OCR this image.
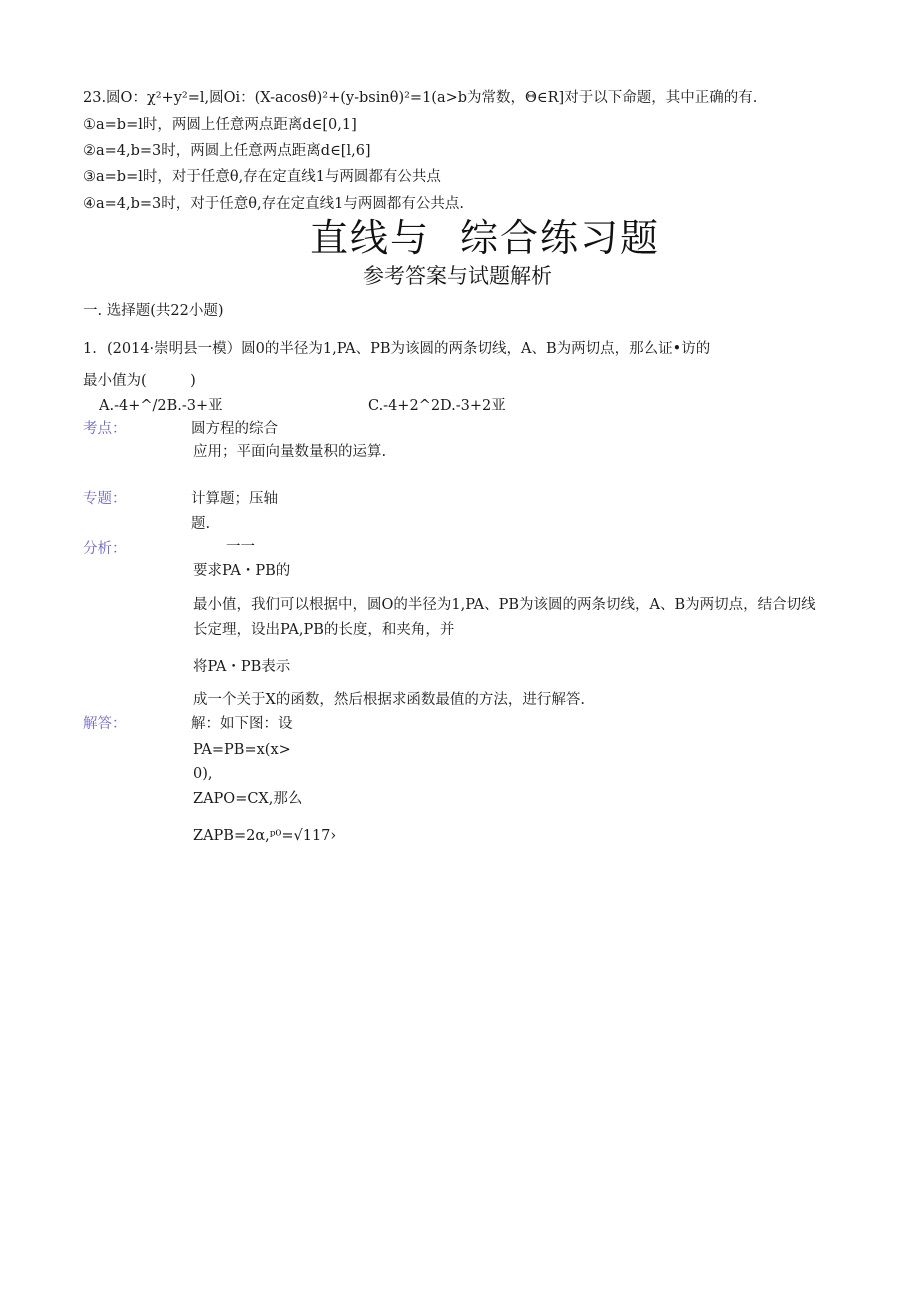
23.圆O：χ²+y²=l,圆Oi：(X-acosθ)²+(y-bsinθ)²=1(a>b为常数，Θ∈R]对于以下命题，其中正确的有.
①a=b=l时，两圆上任意两点距离d∈[0,1]
②a=4,b=3时，两圆上任意两点距离d∈[l,6]
③a=b=l时，对于任意θ,存在定直线1与两圆都有公共点
④a=4,b=3时，对于任意θ,存在定直线1与两圆都有公共点.
直线与 综合练习题
参考答案与试题解析
一. 选择题(共22小题)
1. (2014·崇明县一模）圆0的半径为1,PA、PB为该圆的两条切线，A、B为两切点，那么证•访的
最小值为(　　　)
A.-4+^/2B.-3+亚	C.-4+2^2D.-3+2亚
考点：	圆方程的综合
应用；平面向量数量积的运算.
专题：	计算题；压轴
题.
分析：	一一
要求PA・PB的
最小值，我们可以根据中，圆O的半径为1,PA、PB为该圆的两条切线，A、B为两切点，结合切线
长定理，设出PA,PB的长度，和夹角，并
将PA・PB表示
成一个关于X的函数，然后根据求函数最值的方法，进行解答.
解答：	解：如下图：设
PA=PB=x(x>
0),
ZAPO=CX,那么
ZAPB=2α,ᵖ⁰=√117›
